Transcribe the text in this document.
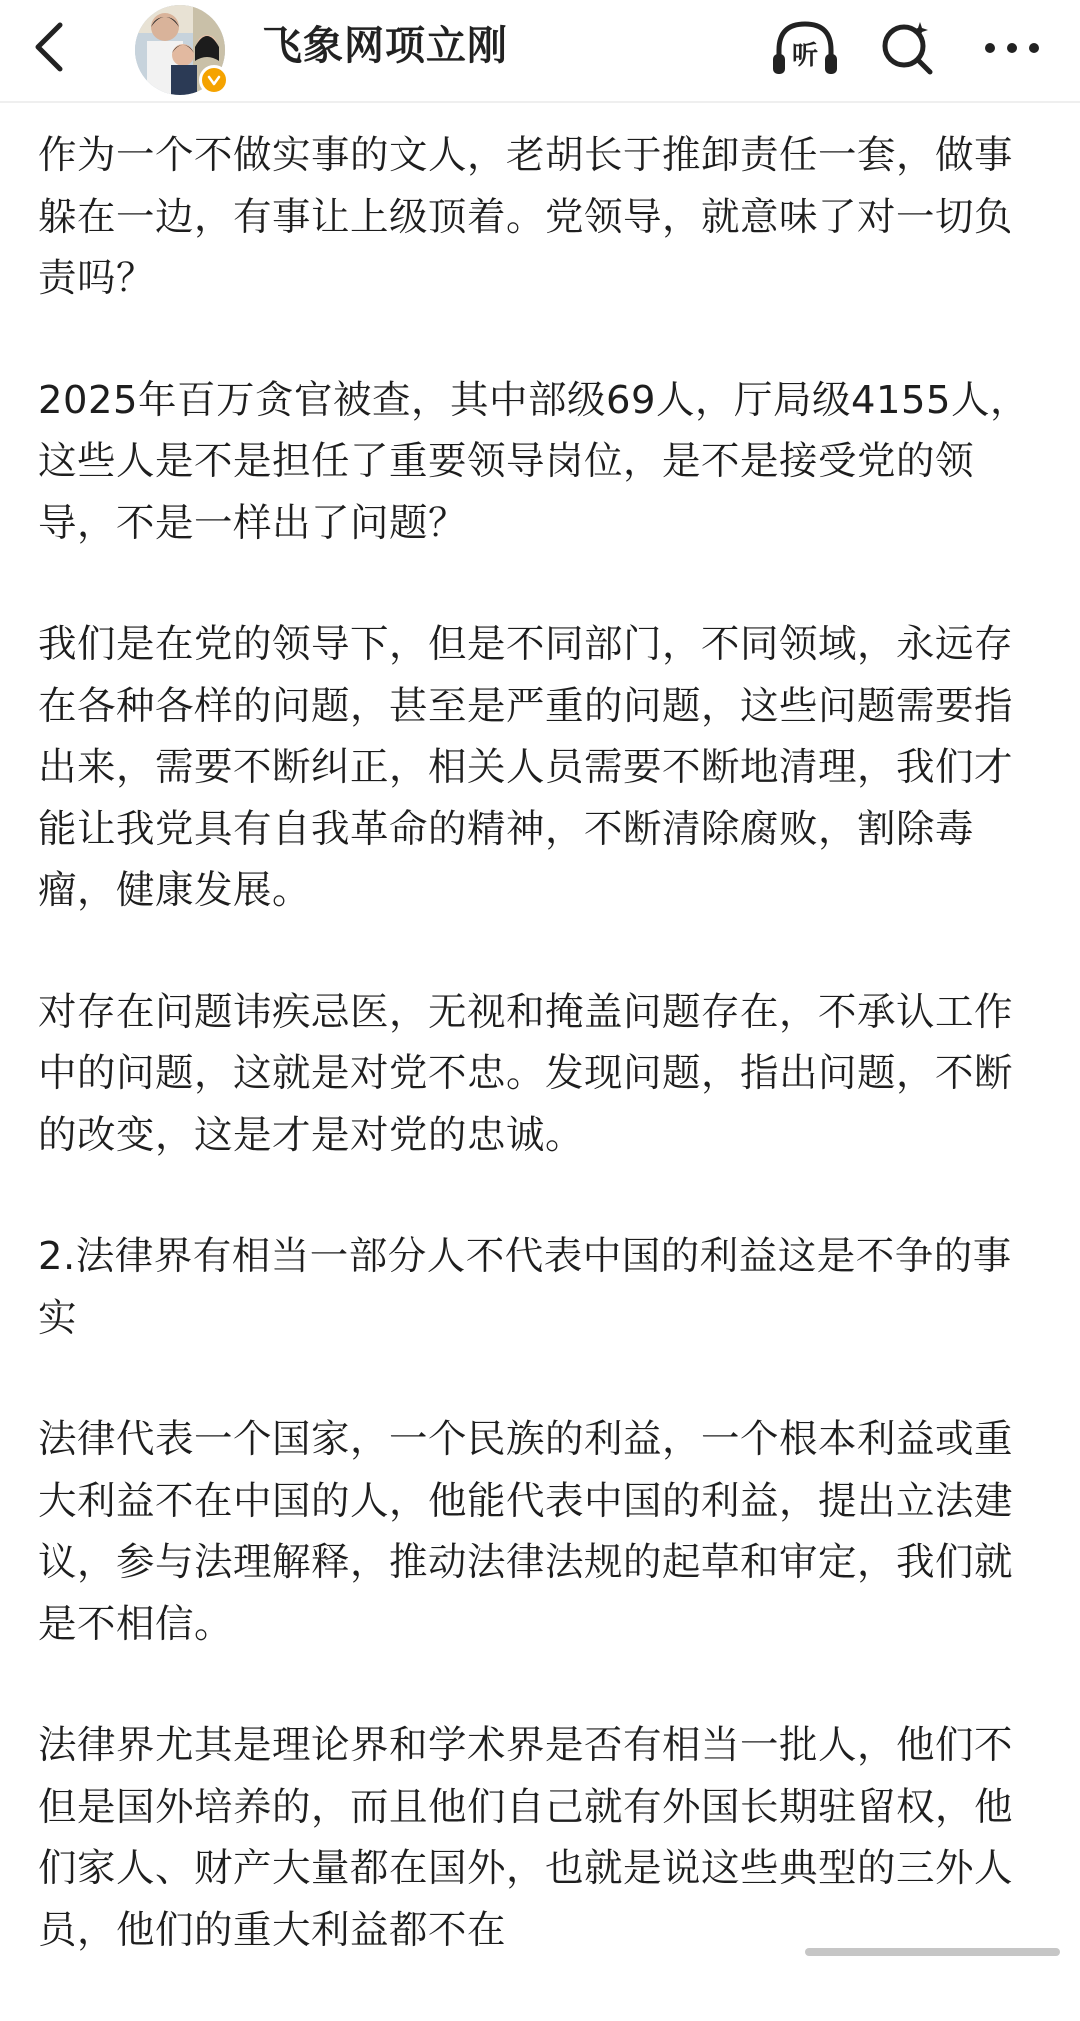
飞象网项立刚	听

作为一个不做实事的文人，老胡长于推卸责任一套，做事躲在一边，有事让上级顶着。党领导，就意味了对一切负责吗？

2025年百万贪官被查，其中部级69人，厅局级4155人，这些人是不是担任了重要领导岗位，是不是接受党的领导，不是一样出了问题？

我们是在党的领导下，但是不同部门，不同领域，永远存在各种各样的问题，甚至是严重的问题，这些问题需要指出来，需要不断纠正，相关人员需要不断地清理，我们才能让我党具有自我革命的精神，不断清除腐败，割除毒瘤，健康发展。

对存在问题讳疾忌医，无视和掩盖问题存在，不承认工作中的问题，这就是对党不忠。发现问题，指出问题，不断的改变，这是才是对党的忠诚。

2.法律界有相当一部分人不代表中国的利益这是不争的事实

法律代表一个国家，一个民族的利益，一个根本利益或重大利益不在中国的人，他能代表中国的利益，提出立法建议，参与法理解释，推动法律法规的起草和审定，我们就是不相信。

法律界尤其是理论界和学术界是否有相当一批人，他们不但是国外培养的，而且他们自己就有外国长期驻留权，他们家人、财产大量都在国外，也就是说这些典型的三外人员，他们的重大利益都不在
